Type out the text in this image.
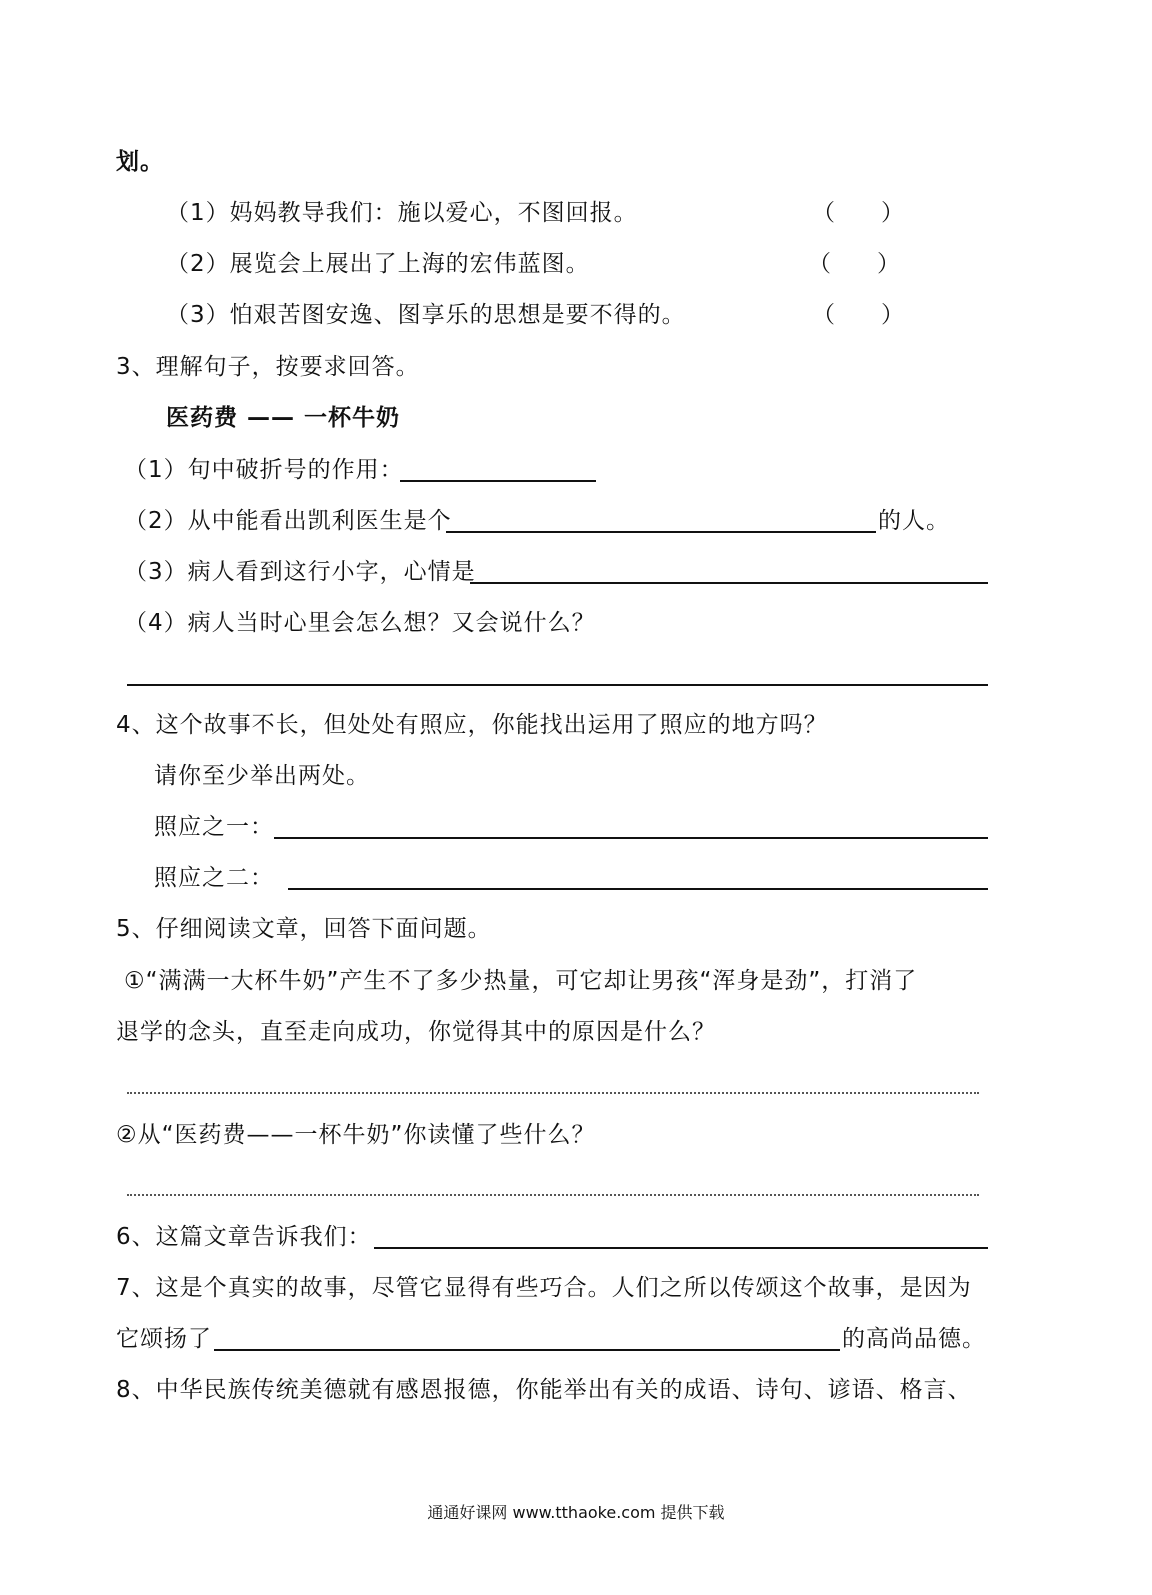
划。
（1）妈妈教导我们：施以爱心，不图回报。	（　　）
（2）展览会上展出了上海的宏伟蓝图。	（　　）
（3）怕艰苦图安逸、图享乐的思想是要不得的。	（　　）
3、理解句子，按要求回答。
医药费 —— 一杯牛奶
（1）句中破折号的作用：
（2）从中能看出凯利医生是个	的人。
（3）病人看到这行小字，心情是
（4）病人当时心里会怎么想？又会说什么？
4、这个故事不长，但处处有照应，你能找出运用了照应的地方吗？
请你至少举出两处。
照应之一：
照应之二：
5、仔细阅读文章，回答下面问题。
①“满满一大杯牛奶”产生不了多少热量，可它却让男孩“浑身是劲”，打消了
退学的念头，直至走向成功，你觉得其中的原因是什么？
②从“医药费——一杯牛奶”你读懂了些什么？
6、这篇文章告诉我们：
7、这是个真实的故事，尽管它显得有些巧合。人们之所以传颂这个故事，是因为
它颂扬了	的高尚品德。
8、中华民族传统美德就有感恩报德，你能举出有关的成语、诗句、谚语、格言、
通通好课网 www.tthaoke.com 提供下载
